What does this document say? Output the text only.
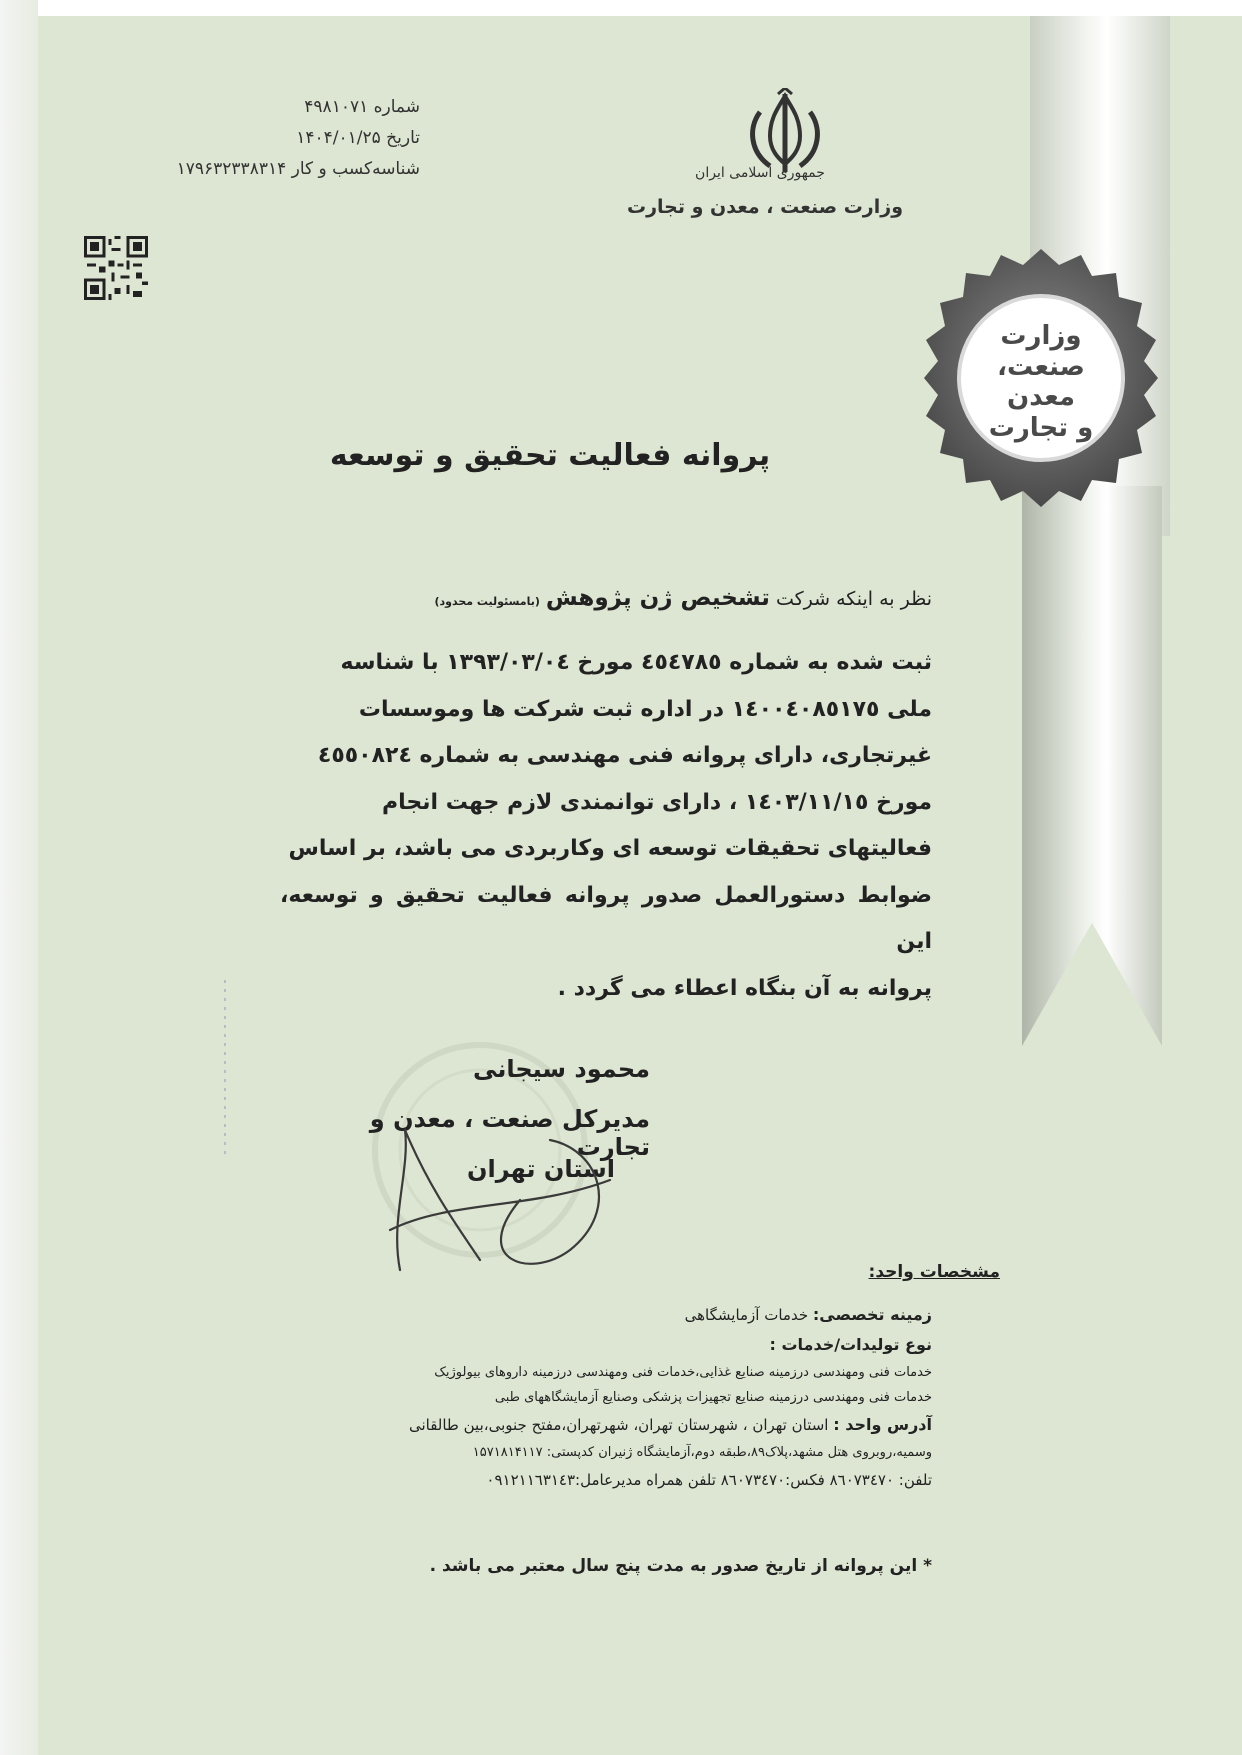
وزارت
صنعت، معدن
و تجارت
جمهوری اسلامی ایران
وزارت صنعت ، معدن و تجارت
شماره ۴۹۸۱۰۷۱
تاریخ ۱۴۰۴/۰۱/۲۵
شناسه‌کسب و کار ۱۷۹۶۳۲۳۳۸۳۱۴
پروانه فعالیت تحقیق و توسعه
نظر به اینکه شرکت تشخیص ژن پژوهش (بامسئولیت محدود)
ثبت شده به شماره ٤٥٤٧٨٥ مورخ ١٣٩٣/٠٣/٠٤ با شناسه
ملی ١٤٠٠٤٠٨٥١٧٥ در اداره ثبت شرکت ها وموسسات
غیرتجاری، دارای پروانه فنی مهندسی به شماره ٤٥٥٠٨٢٤
مورخ ١٤٠٣/١١/١٥ ، دارای توانمندی لازم جهت انجام
فعالیتهای تحقیقات توسعه ای وکاربردی می باشد، بر اساس
ضوابط دستورالعمل صدور پروانه فعالیت تحقیق و توسعه، این
پروانه به آن بنگاه اعطاء می گردد .
محمود سیجانی
مدیرکل صنعت ، معدن و تجارت
استان تهران
مشخصات واحد:
زمینه تخصصی: خدمات آزمایشگاهی
نوع تولیدات/خدمات :
خدمات فنی ومهندسی درزمینه صنایع غذایی،خدمات فنی ومهندسی درزمینه داروهای بیولوژیک
خدمات فنی ومهندسی درزمینه صنایع تجهیزات پزشکی وصنایع آزمایشگاههای طبی
آدرس واحد : استان تهران ، شهرستان تهران، شهرتهران،مفتح جنوبی،بین طالقانی
وسمیه،روبروی هتل مشهد،پلاک۸۹،طبقه دوم،آزمایشگاه ژنیران کدپستی: ۱۵۷۱۸۱۴۱۱۷
تلفن: ۸٦۰۷۳٤۷۰ فکس:۸٦۰۷۳٤۷۰ تلفن همراه مدیرعامل:۰۹۱۲۱۱٦۳۱٤۳
* این پروانه از تاریخ صدور به مدت پنج سال معتبر می باشد .
